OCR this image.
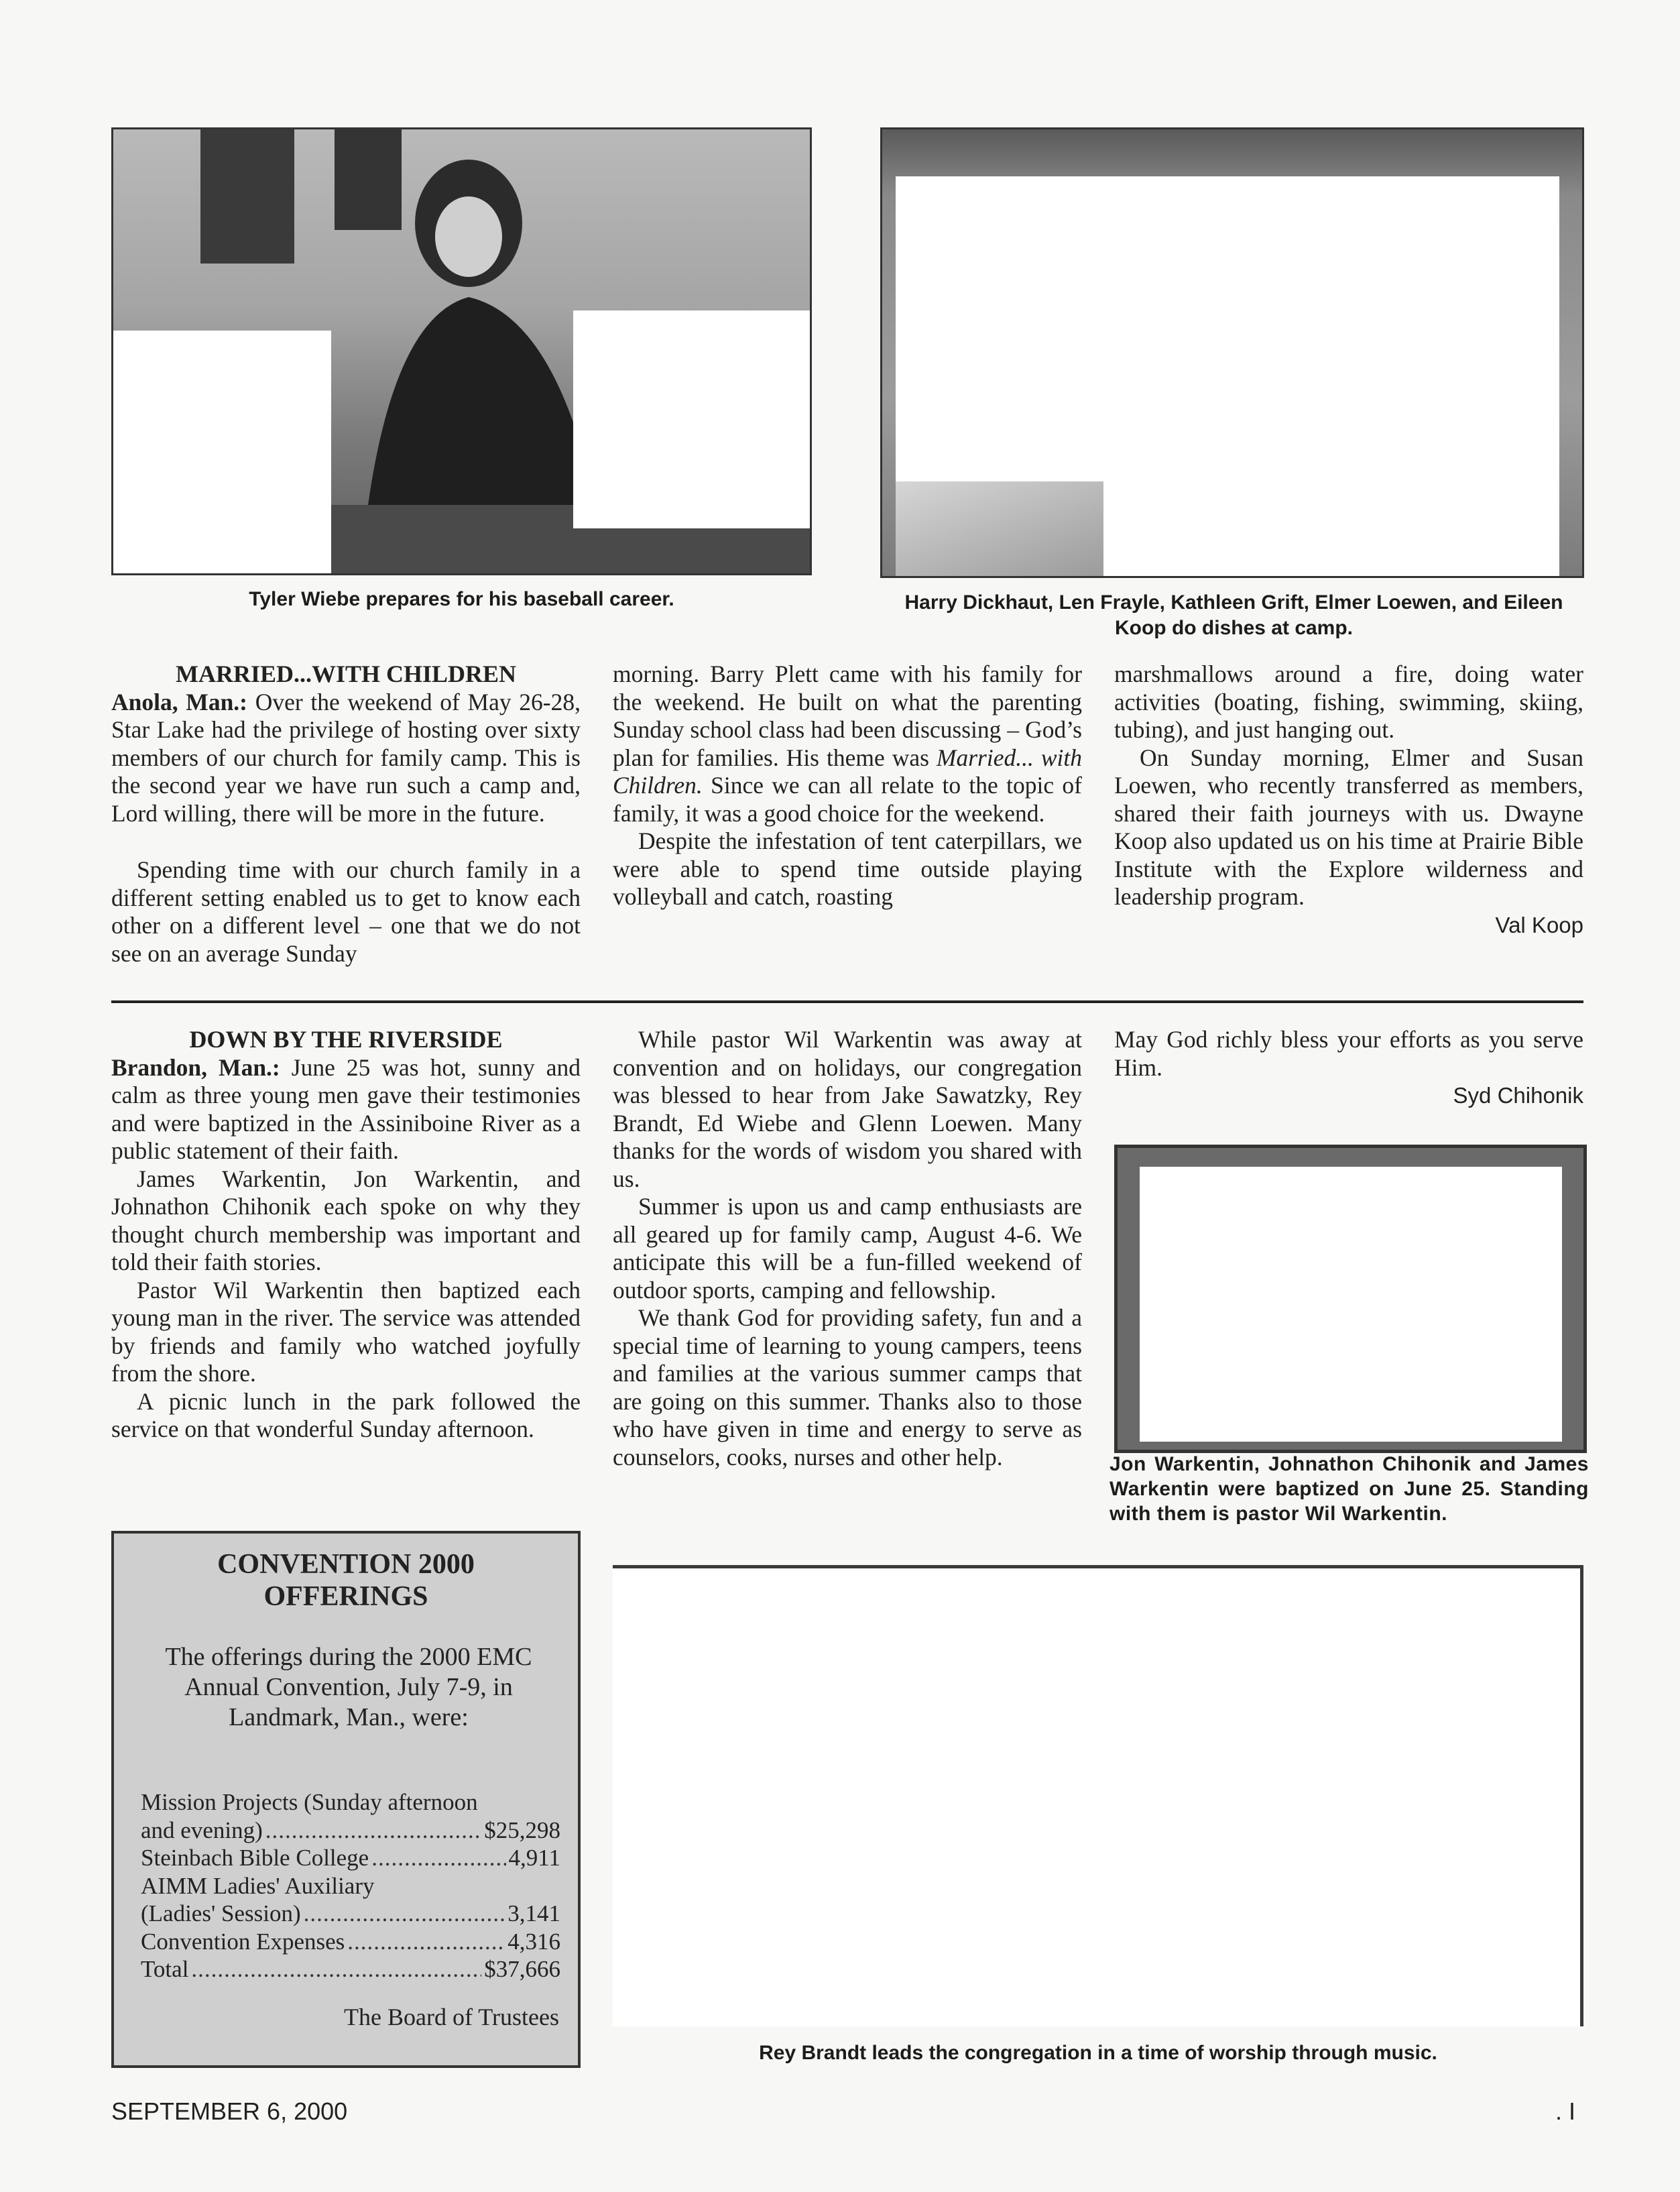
Tyler Wiebe prepares for his baseball career.	Harry Dickhaut, Len Frayle, Kathleen Grift, Elmer Loewen, and Eileen Koop do dishes at camp.

MARRIED...WITH CHILDREN

Anola, Man.: Over the weekend of May 26-28, Star Lake had the privilege of hosting over sixty members of our church for family camp. This is the second year we have run such a camp and, Lord willing, there will be more in the future.

Spending time with our church family in a different setting enabled us to get to know each other on a different level – one that we do not see on an average Sunday

morning. Barry Plett came with his family for the weekend. He built on what the parenting Sunday school class had been discussing – God’s plan for families. His theme was Married... with Children. Since we can all relate to the topic of family, it was a good choice for the weekend.

Despite the infestation of tent caterpillars, we were able to spend time outside playing volleyball and catch, roasting

marshmallows around a fire, doing water activities (boating, fishing, swimming, skiing, tubing), and just hanging out.

On Sunday morning, Elmer and Susan Loewen, who recently transferred as members, shared their faith journeys with us. Dwayne Koop also updated us on his time at Prairie Bible Institute with the Explore wilderness and leadership program.

Val Koop

DOWN BY THE RIVERSIDE

Brandon, Man.: June 25 was hot, sunny and calm as three young men gave their testimonies and were baptized in the Assiniboine River as a public statement of their faith.

James Warkentin, Jon Warkentin, and Johnathon Chihonik each spoke on why they thought church membership was important and told their faith stories.

Pastor Wil Warkentin then baptized each young man in the river. The service was attended by friends and family who watched joyfully from the shore.

A picnic lunch in the park followed the service on that wonderful Sunday afternoon.

While pastor Wil Warkentin was away at convention and on holidays, our congregation was blessed to hear from Jake Sawatzky, Rey Brandt, Ed Wiebe and Glenn Loewen. Many thanks for the words of wisdom you shared with us.

Summer is upon us and camp enthusiasts are all geared up for family camp, August 4-6. We anticipate this will be a fun-filled weekend of outdoor sports, camping and fellowship.

We thank God for providing safety, fun and a special time of learning to young campers, teens and families at the various summer camps that are going on this summer. Thanks also to those who have given in time and energy to serve as counselors, cooks, nurses and other help.

May God richly bless your efforts as you serve Him.

Syd Chihonik

Jon Warkentin, Johnathon Chihonik and James Warkentin were baptized on June 25. Standing with them is pastor Wil Warkentin.
CONVENTION 2000
OFFERINGS
The offerings during the 2000 EMC Annual Convention, July 7-9, in Landmark, Man., were:
Mission Projects (Sunday afternoon
and evening) .....	$25,298
Steinbach Bible College .....	4,911
AIMM Ladies' Auxiliary
(Ladies' Session) .....	3,141
Convention Expenses .....	4,316
Total .....	$37,666
The Board of Trustees
Rey Brandt leads the congregation in a time of worship through music.
SEPTEMBER 6, 2000	. I
